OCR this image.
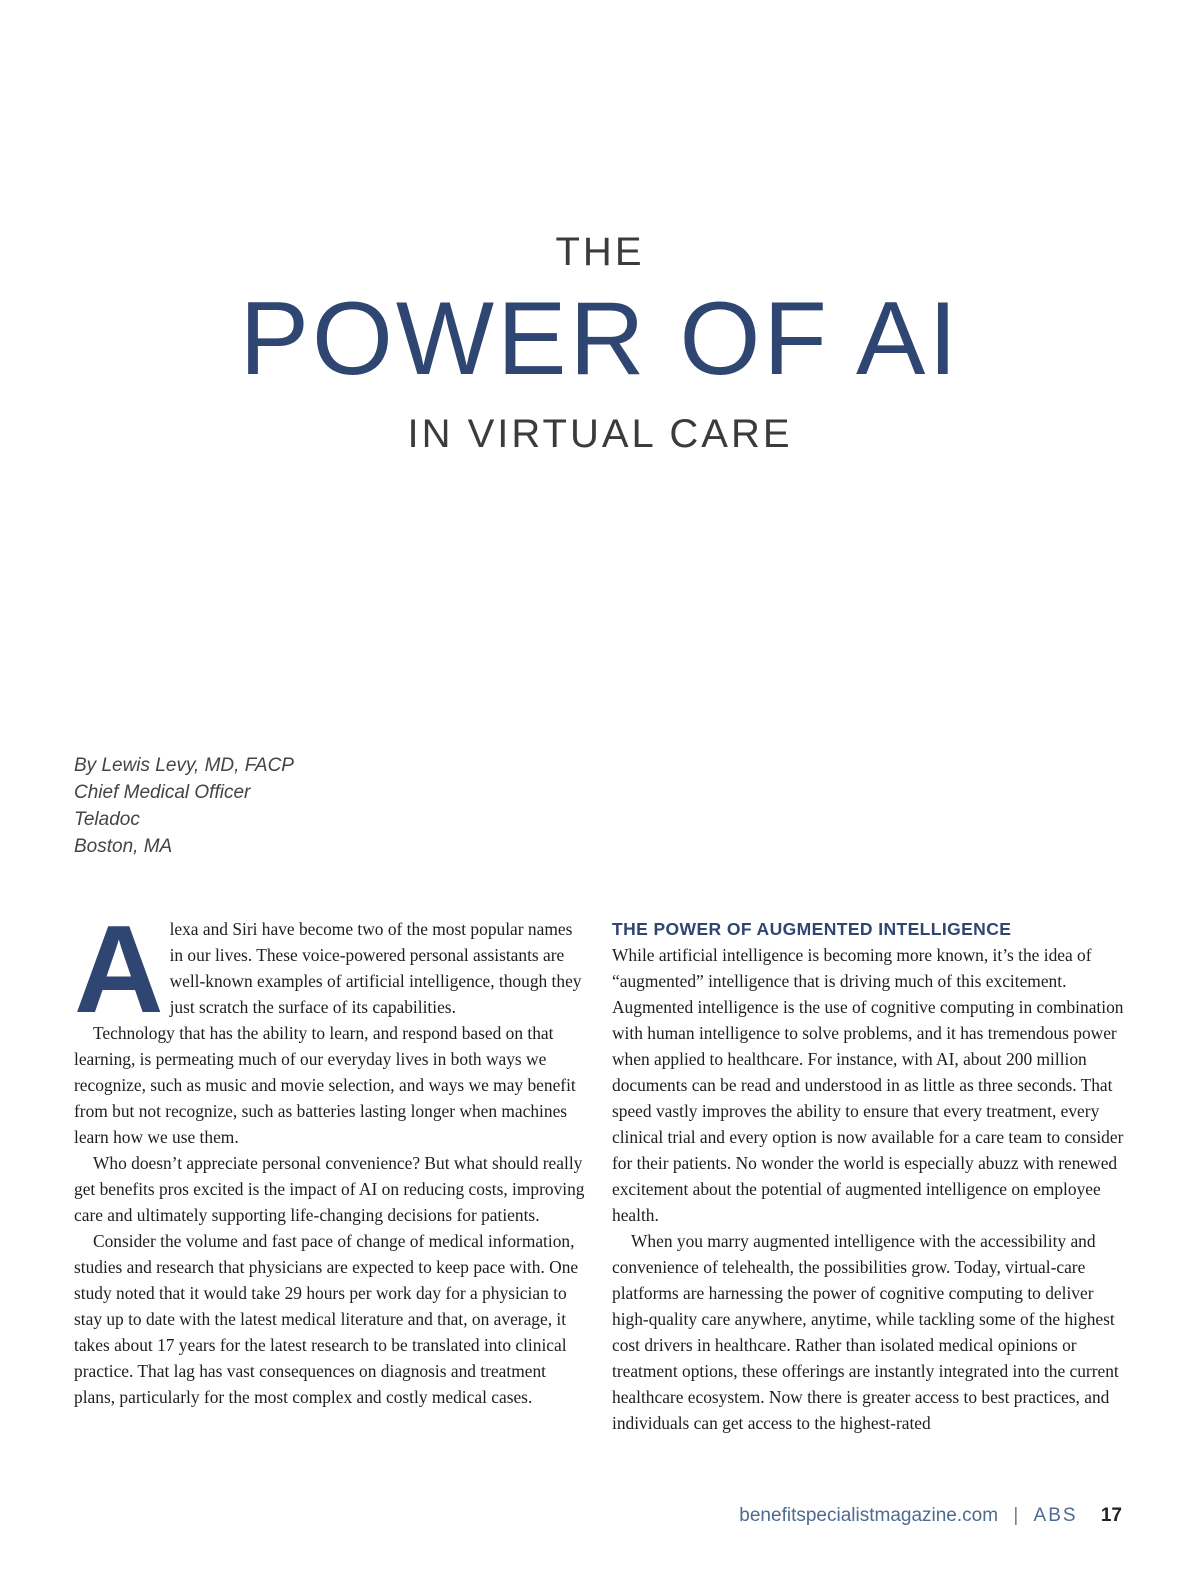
THE
POWER OF AI
IN VIRTUAL CARE
By Lewis Levy, MD, FACP
Chief Medical Officer
Teladoc
Boston, MA
A lexa and Siri have become two of the most popular names in our lives. These voice-powered personal assistants are well-known examples of artificial intelligence, though they just scratch the surface of its capabilities.

Technology that has the ability to learn, and respond based on that learning, is permeating much of our everyday lives in both ways we recognize, such as music and movie selection, and ways we may benefit from but not recognize, such as batteries lasting longer when machines learn how we use them.

Who doesn’t appreciate personal convenience? But what should really get benefits pros excited is the impact of AI on reducing costs, improving care and ultimately supporting life-changing decisions for patients.

Consider the volume and fast pace of change of medical information, studies and research that physicians are expected to keep pace with. One study noted that it would take 29 hours per work day for a physician to stay up to date with the latest medical literature and that, on average, it takes about 17 years for the latest research to be translated into clinical practice. That lag has vast consequences on diagnosis and treatment plans, particularly for the most complex and costly medical cases.

THE POWER OF AUGMENTED INTELLIGENCE

While artificial intelligence is becoming more known, it’s the idea of “augmented” intelligence that is driving much of this excitement. Augmented intelligence is the use of cognitive computing in combination with human intelligence to solve problems, and it has tremendous power when applied to healthcare. For instance, with AI, about 200 million documents can be read and understood in as little as three seconds. That speed vastly improves the ability to ensure that every treatment, every clinical trial and every option is now available for a care team to consider for their patients. No wonder the world is especially abuzz with renewed excitement about the potential of augmented intelligence on employee health.

When you marry augmented intelligence with the accessibility and convenience of telehealth, the possibilities grow. Today, virtual-care platforms are harnessing the power of cognitive computing to deliver high-quality care anywhere, anytime, while tackling some of the highest cost drivers in healthcare. Rather than isolated medical opinions or treatment options, these offerings are instantly integrated into the current healthcare ecosystem. Now there is greater access to best practices, and individuals can get access to the highest-rated

benefitspecialistmagazine.com | ABS 17
